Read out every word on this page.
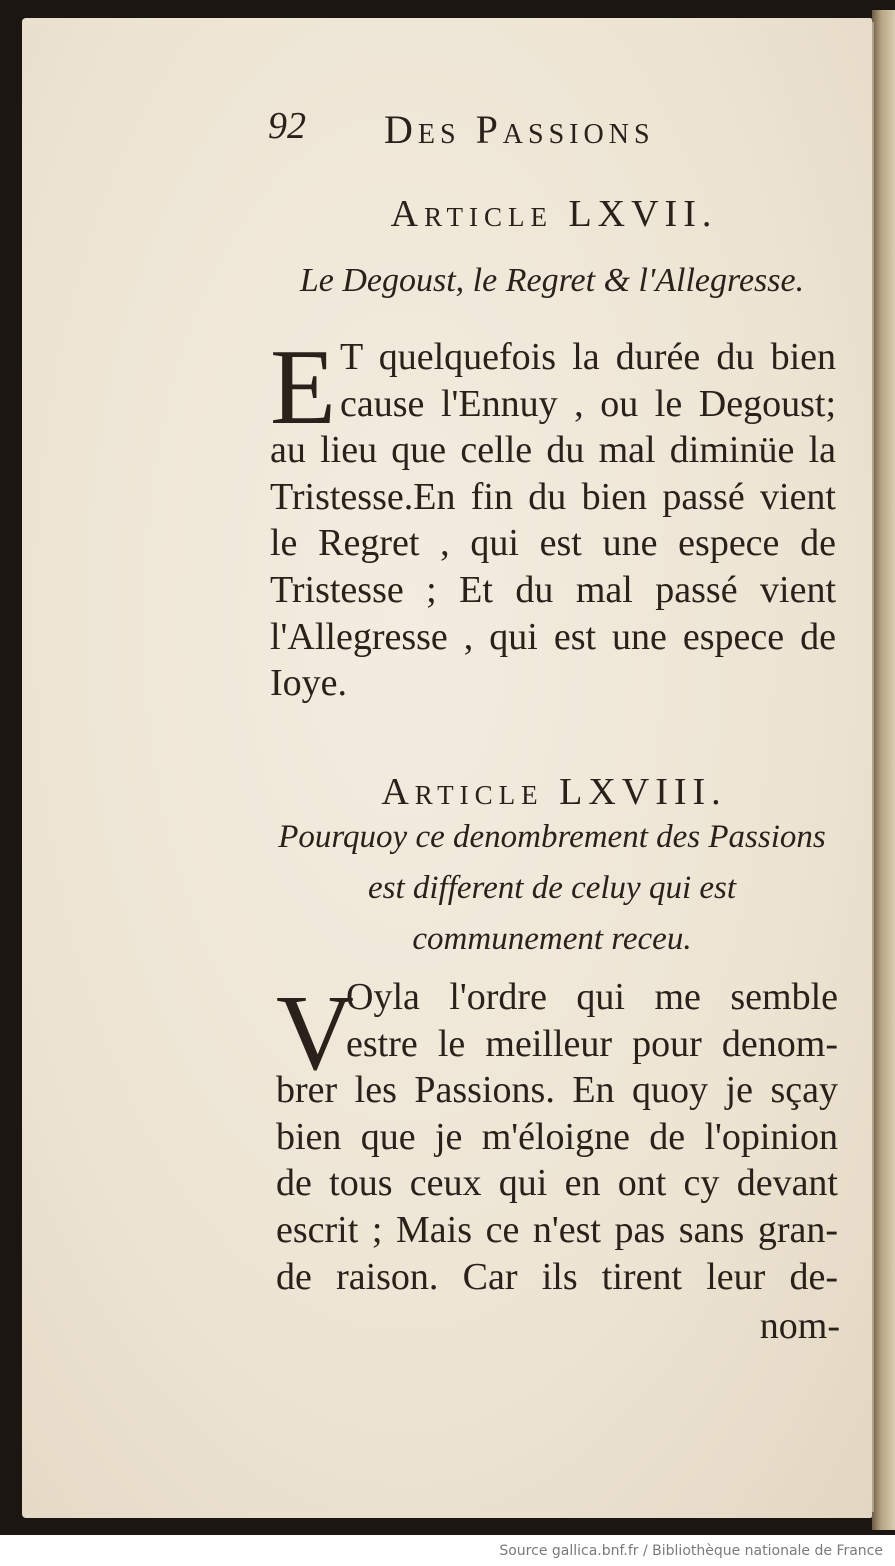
92 Des Passions
Article LXVII.
Le Degoust, le Regret & l'Allegresse.
E T quelquefois la durée du bien
cause l'Ennuy , ou le Degoust;
au lieu que celle du mal diminüe la
Tristesse.En fin du bien passé vient
le Regret , qui est une espece de
Tristesse ; Et du mal passé vient
l'Allegresse , qui est une espece de
Ioye.
Article LXVIII.
Pourquoy ce denombrement des Passions
est different de celuy qui est
communement receu.
V
Oyla l'ordre qui me semble
estre le meilleur pour denom-
brer les Passions. En quoy je sçay
bien que je m'éloigne de l'opinion
de tous ceux qui en ont cy devant
escrit ; Mais ce n'est pas sans gran-
de raison. Car ils tirent leur de-
nom-
Source gallica.bnf.fr / Bibliothèque nationale de France
